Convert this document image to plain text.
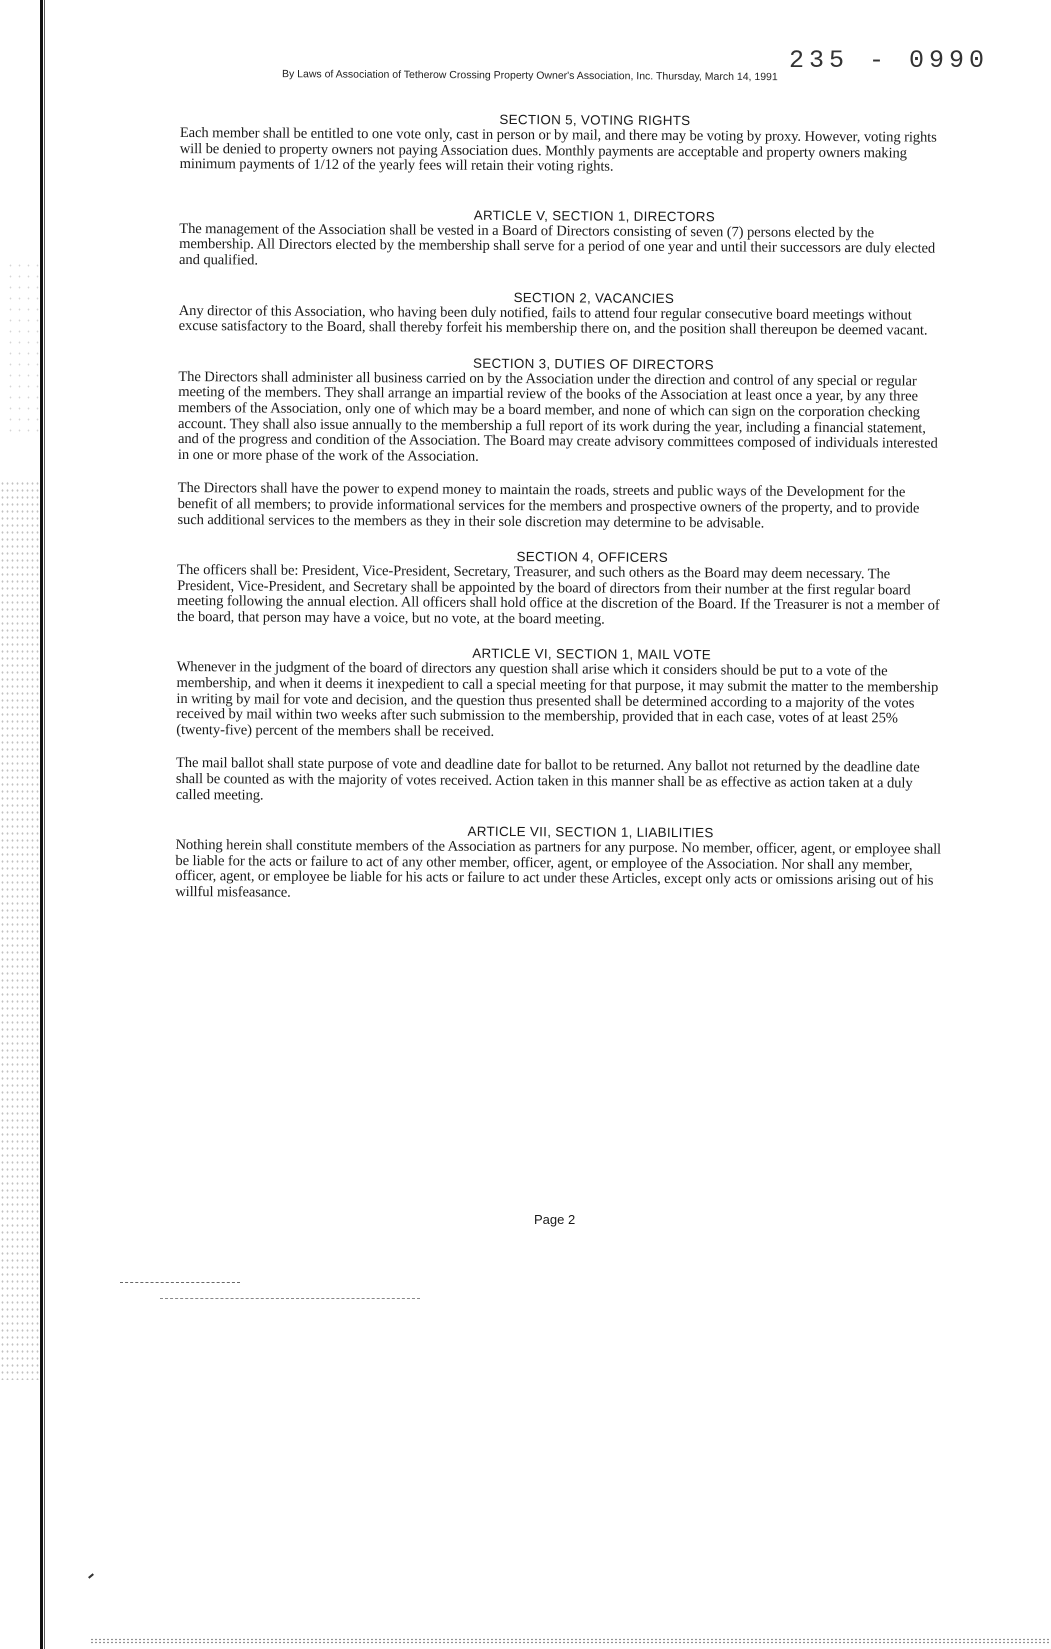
235 - 0990
By Laws of Association of Tetherow Crossing Property Owner's Association, Inc. Thursday, March 14, 1991

SECTION 5, VOTING RIGHTS

Each member shall be entitled to one vote only, cast in person or by mail, and there may be voting by proxy. However, voting rights will be denied to property owners not paying Association dues. Monthly payments are acceptable and property owners making minimum payments of 1/12 of the yearly fees will retain their voting rights.

ARTICLE V, SECTION 1, DIRECTORS

The management of the Association shall be vested in a Board of Directors consisting of seven (7) persons elected by the membership. All Directors elected by the membership shall serve for a period of one year and until their successors are duly elected and qualified.

SECTION 2, VACANCIES

Any director of this Association, who having been duly notified, fails to attend four regular consecutive board meetings without excuse satisfactory to the Board, shall thereby forfeit his membership there on, and the position shall thereupon be deemed vacant.

SECTION 3, DUTIES OF DIRECTORS

The Directors shall administer all business carried on by the Association under the direction and control of any special or regular meeting of the members. They shall arrange an impartial review of the books of the Association at least once a year, by any three members of the Association, only one of which may be a board member, and none of which can sign on the corporation checking account. They shall also issue annually to the membership a full report of its work during the year, including a financial statement, and of the progress and condition of the Association. The Board may create advisory committees composed of individuals interested in one or more phase of the work of the Association.

The Directors shall have the power to expend money to maintain the roads, streets and public ways of the Development for the benefit of all members; to provide informational services for the members and prospective owners of the property, and to provide such additional services to the members as they in their sole discretion may determine to be advisable.

SECTION 4, OFFICERS

The officers shall be: President, Vice-President, Secretary, Treasurer, and such others as the Board may deem necessary. The President, Vice-President, and Secretary shall be appointed by the board of directors from their number at the first regular board meeting following the annual election. All officers shall hold office at the discretion of the Board. If the Treasurer is not a member of the board, that person may have a voice, but no vote, at the board meeting.

ARTICLE VI, SECTION 1, MAIL VOTE

Whenever in the judgment of the board of directors any question shall arise which it considers should be put to a vote of the membership, and when it deems it inexpedient to call a special meeting for that purpose, it may submit the matter to the membership in writing by mail for vote and decision, and the question thus presented shall be determined according to a majority of the votes received by mail within two weeks after such submission to the membership, provided that in each case, votes of at least 25% (twenty-five) percent of the members shall be received.

The mail ballot shall state purpose of vote and deadline date for ballot to be returned. Any ballot not returned by the deadline date shall be counted as with the majority of votes received. Action taken in this manner shall be as effective as action taken at a duly called meeting.

ARTICLE VII, SECTION 1, LIABILITIES

Nothing herein shall constitute members of the Association as partners for any purpose. No member, officer, agent, or employee shall be liable for the acts or failure to act of any other member, officer, agent, or employee of the Association. Nor shall any member, officer, agent, or employee be liable for his acts or failure to act under these Articles, except only acts or omissions arising out of his willful misfeasance.

Page 2
